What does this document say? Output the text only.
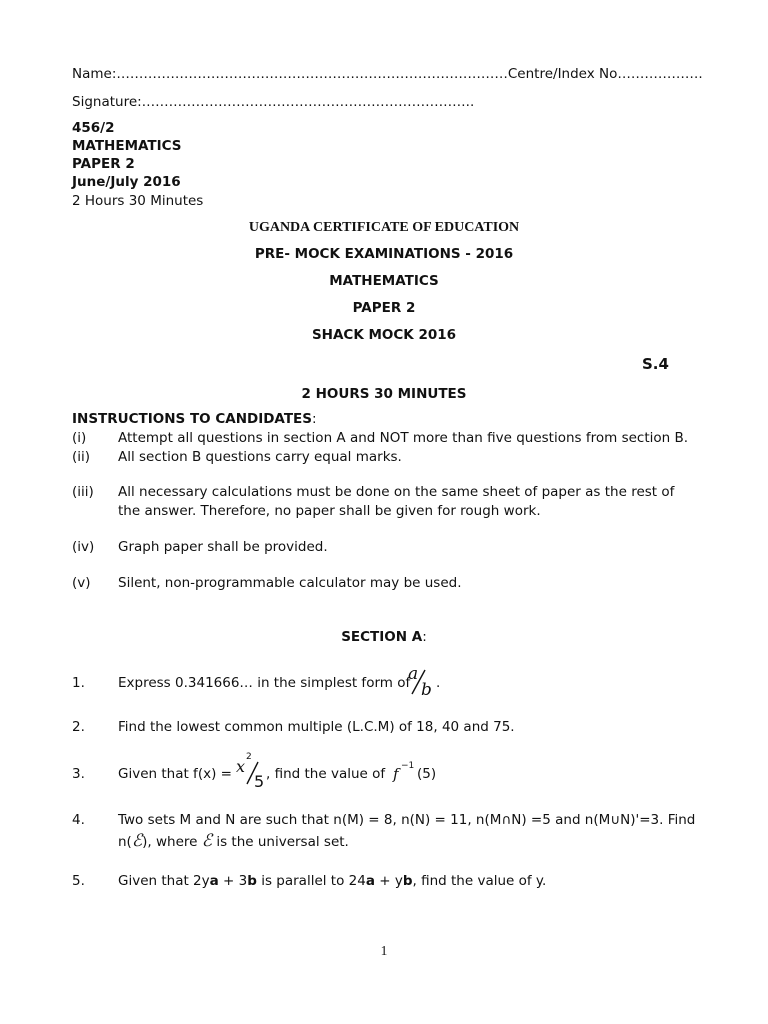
Name:……………………………………………………………………………Centre/Index No……………….
Signature:………………………………………………………………..
456/2
MATHEMATICS
PAPER 2
June/July 2016
2 Hours 30 Minutes
UGANDA CERTIFICATE OF EDUCATION
PRE- MOCK EXAMINATIONS - 2016
MATHEMATICS
PAPER 2
SHACK MOCK 2016
S.4
2 HOURS 30 MINUTES
INSTRUCTIONS TO CANDIDATES:
(i) Attempt all questions in section A and NOT more than five questions from section B.
(ii) All section B questions carry equal marks.
(iii) All necessary calculations must be done on the same sheet of paper as the rest of
the answer. Therefore, no paper shall be given for rough work.
(iv) Graph paper shall be provided.
(v) Silent, non-programmable calculator may be used.
SECTION A:
1. Express 0.341666… in the simplest form of
a
b .
2. Find the lowest common multiple (L.C.M) of 18, 40 and 75.
3. Given that f(x) = x 2
5 , find the value of f −1 (5)
4. Two sets M and N are such that n(M) = 8, n(N) = 11, n(M∩N) =5 and n(M∪N)'=3. Find
n(ℰ), where ℰ is the universal set.
5. Given that 2ya + 3b is parallel to 24a + yb, find the value of y.
1
